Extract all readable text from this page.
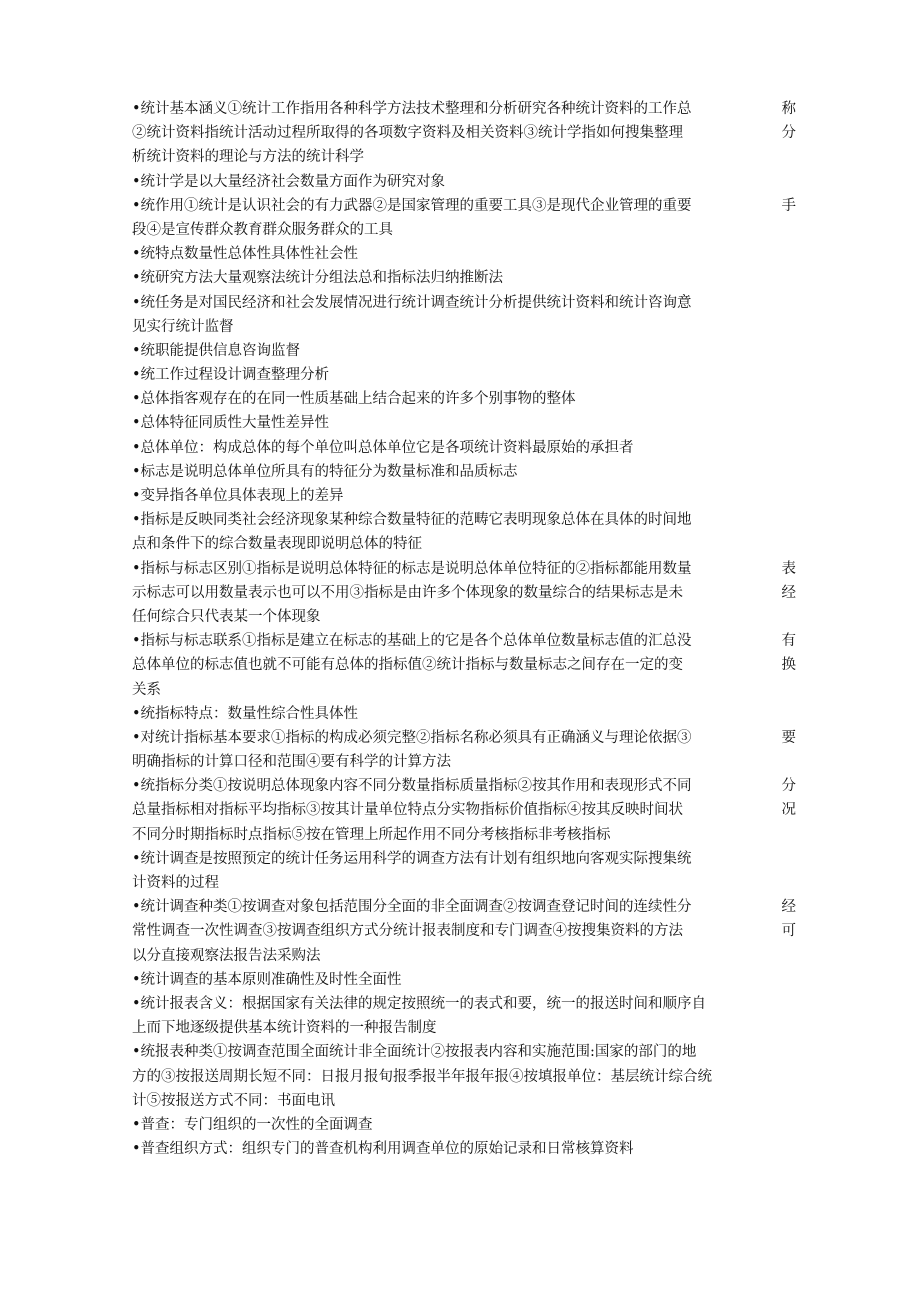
•统计基本涵义①统计工作指用各种科学方法技术整理和分析研究各种统计资料的工作总	称
②统计资料指统计活动过程所取得的各项数字资料及相关资料③统计学指如何搜集整理	分
析统计资料的理论与方法的统计科学
•统计学是以大量经济社会数量方面作为研究对象
•统作用①统计是认识社会的有力武器②是国家管理的重要工具③是现代企业管理的重要	手
段④是宣传群众教育群众服务群众的工具
•统特点数量性总体性具体性社会性
•统研究方法大量观察法统计分组法总和指标法归纳推断法
•统任务是对国民经济和社会发展情况进行统计调查统计分析提供统计资料和统计咨询意
见实行统计监督
•统职能提供信息咨询监督
•统工作过程设计调查整理分析
•总体指客观存在的在同一性质基础上结合起来的许多个别事物的整体
•总体特征同质性大量性差异性
•总体单位：构成总体的每个单位叫总体单位它是各项统计资料最原始的承担者
•标志是说明总体单位所具有的特征分为数量标准和品质标志
•变异指各单位具体表现上的差异
•指标是反映同类社会经济现象某种综合数量特征的范畴它表明现象总体在具体的时间地
点和条件下的综合数量表现即说明总体的特征
•指标与标志区别①指标是说明总体特征的标志是说明总体单位特征的②指标都能用数量	表
示标志可以用数量表示也可以不用③指标是由许多个体现象的数量综合的结果标志是未	经
任何综合只代表某一个体现象
•指标与标志联系①指标是建立在标志的基础上的它是各个总体单位数量标志值的汇总没	有
总体单位的标志值也就不可能有总体的指标值②统计指标与数量标志之间存在一定的变	换
关系
•统指标特点：数量性综合性具体性
•对统计指标基本要求①指标的构成必须完整②指标名称必须具有正确涵义与理论依据③	要
明确指标的计算口径和范围④要有科学的计算方法
•统指标分类①按说明总体现象内容不同分数量指标质量指标②按其作用和表现形式不同	分
总量指标相对指标平均指标③按其计量单位特点分实物指标价值指标④按其反映时间状	况
不同分时期指标时点指标⑤按在管理上所起作用不同分考核指标非考核指标
•统计调查是按照预定的统计任务运用科学的调查方法有计划有组织地向客观实际搜集统
计资料的过程
•统计调查种类①按调查对象包括范围分全面的非全面调查②按调查登记时间的连续性分	经
常性调查一次性调查③按调查组织方式分统计报表制度和专门调查④按搜集资料的方法	可
以分直接观察法报告法采购法
•统计调查的基本原则准确性及时性全面性
•统计报表含义：根据国家有关法律的规定按照统一的表式和要，统一的报送时间和顺序自
上而下地逐级提供基本统计资料的一种报告制度
•统报表种类①按调查范围全面统计非全面统计②按报表内容和实施范围:国家的部门的地
方的③按报送周期长短不同：日报月报旬报季报半年报年报④按填报单位：基层统计综合统
计⑤按报送方式不同：书面电讯
•普查：专门组织的一次性的全面调查
•普查组织方式：组织专门的普查机构利用调查单位的原始记录和日常核算资料
